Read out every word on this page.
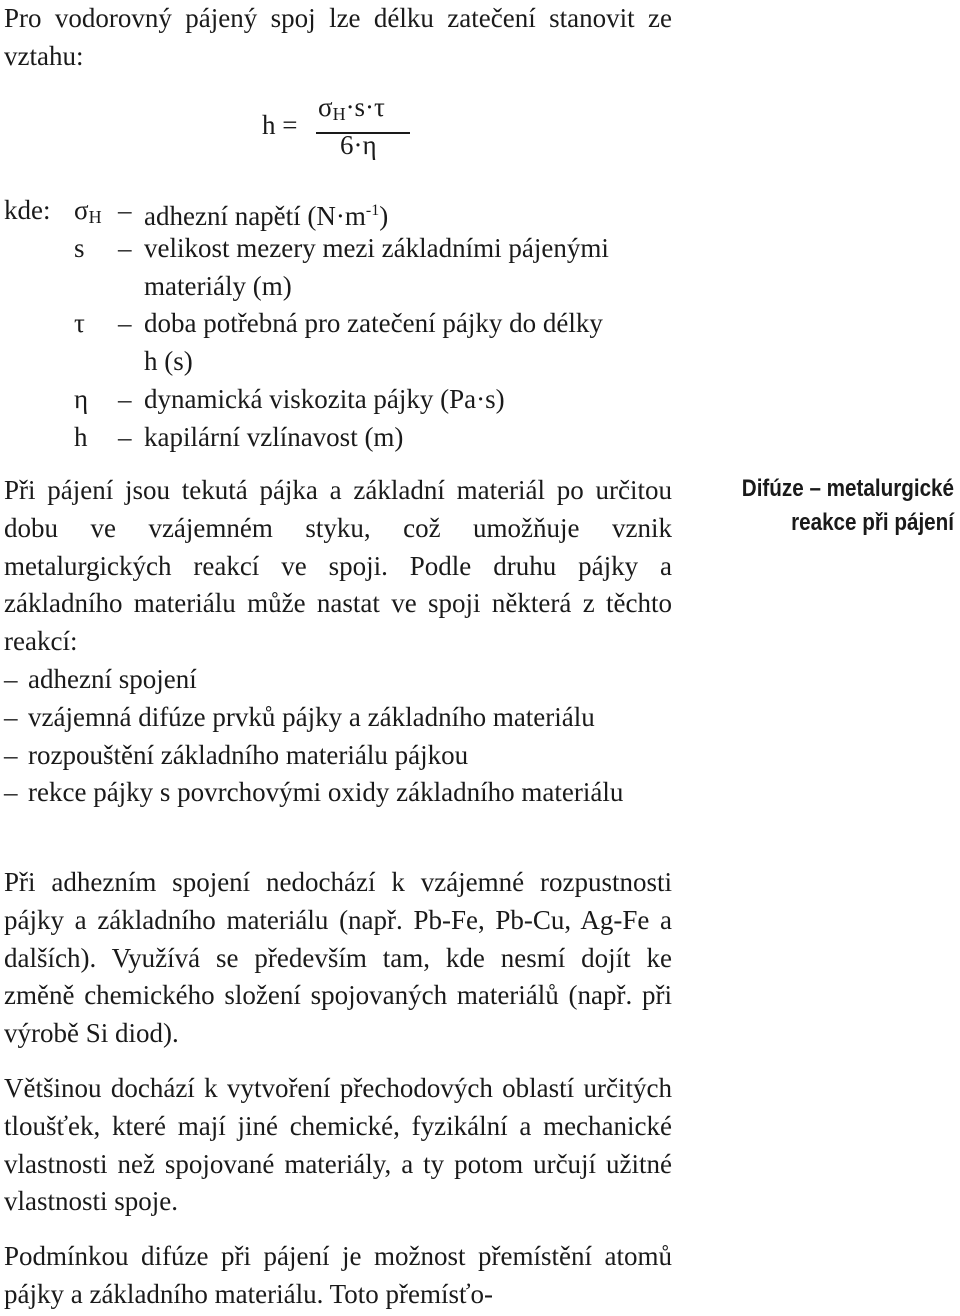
Pro vodorovný pájený spoj lze délku zatečení stanovit ze vztahu:

h =
$\sigma_H\cdot s\cdot\tau$
6·η
kde: $\sigma_H$ – adhezní napětí $(N\cdot m^{-1})$
s – velikost mezery mezi základními pájenými
materiály (m)
τ – doba potřebná pro zatečení pájky do délky
h (s)
η – dynamická viskozita pájky (Pa·s)
h – kapilární vzlínavost (m)

Při pájení jsou tekutá pájka a základní materiál po určitou dobu ve vzájemném styku, což umožňuje vznik metalurgických reakcí ve spoji. Podle druhu pájky a základního materiálu může nastat ve spoji některá z těchto reakcí:

– adhezní spojení
– vzájemná difúze prvků pájky a základního materiálu
– rozpouštění základního materiálu pájkou
– rekce pájky s povrchovými oxidy základního materiálu

Při adhezním spojení nedochází k vzájemné rozpustnosti pájky a základního materiálu (např. Pb-Fe, Pb-Cu, Ag-Fe a dalších). Využívá se především tam, kde nesmí dojít ke změně chemického složení spojovaných materiálů (např. při výrobě Si diod).

Většinou dochází k vytvoření přechodových oblastí určitých tloušťek, které mají jiné chemické, fyzikální a mechanické vlastnosti než spojované materiály, a ty potom určují užitné vlastnosti spoje.

Podmínkou difúze při pájení je možnost přemístění atomů pájky a základního materiálu. Toto přemísťo-

Difúze – metalurgické
reakce při pájení
